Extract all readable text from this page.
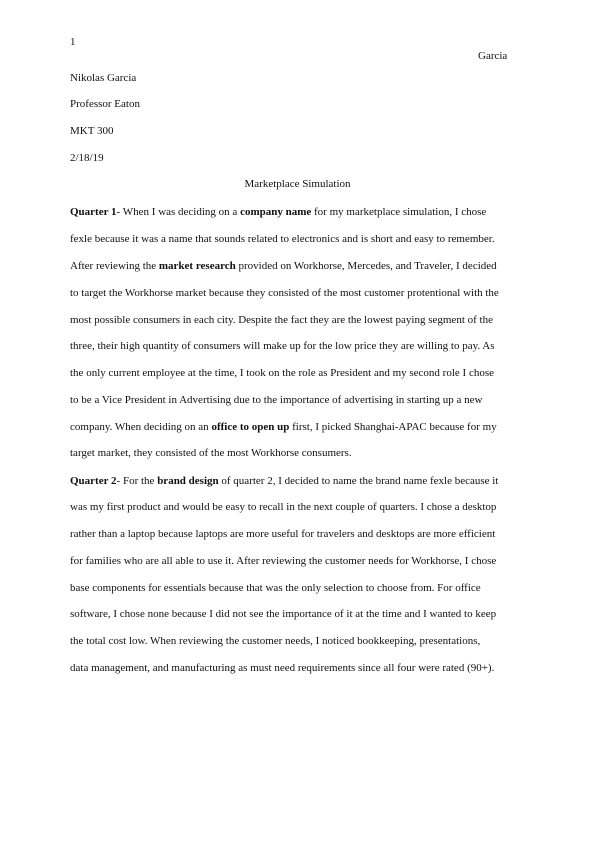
1
Garcia
Nikolas Garcia
Professor Eaton
MKT 300
2/18/19
Marketplace Simulation
Quarter 1- When I was deciding on a company name for my marketplace simulation, I chose
fexle because it was a name that sounds related to electronics and is short and easy to remember.
After reviewing the market research provided on Workhorse, Mercedes, and Traveler, I decided
to target the Workhorse market because they consisted of the most customer protentional with the
most possible consumers in each city. Despite the fact they are the lowest paying segment of the
three, their high quantity of consumers will make up for the low price they are willing to pay. As
the only current employee at the time, I took on the role as President and my second role I chose
to be a Vice President in Advertising due to the importance of advertising in starting up a new
company. When deciding on an office to open up first, I picked Shanghai-APAC because for my
target market, they consisted of the most Workhorse consumers.
Quarter 2- For the brand design of quarter 2, I decided to name the brand name fexle because it
was my first product and would be easy to recall in the next couple of quarters. I chose a desktop
rather than a laptop because laptops are more useful for travelers and desktops are more efficient
for families who are all able to use it. After reviewing the customer needs for Workhorse, I chose
base components for essentials because that was the only selection to choose from. For office
software, I chose none because I did not see the importance of it at the time and I wanted to keep
the total cost low. When reviewing the customer needs, I noticed bookkeeping, presentations,
data management, and manufacturing as must need requirements since all four were rated (90+).
